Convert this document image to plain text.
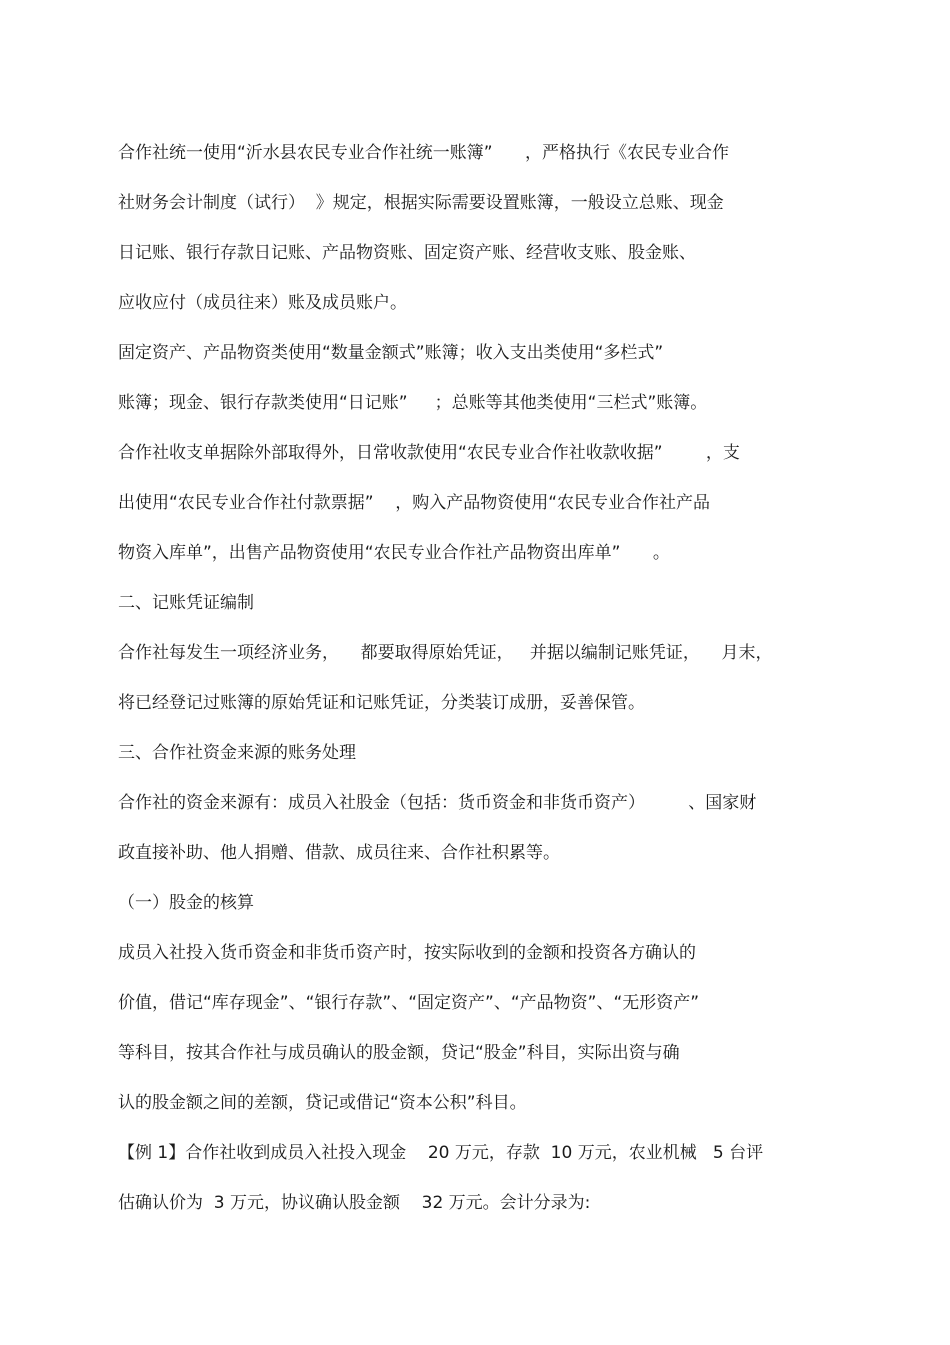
合作社统一使用“沂水县农民专业合作社统一账簿”      ，严格执行《农民专业合作
社财务会计制度（试行）  》规定，根据实际需要设置账簿，一般设立总账、现金
日记账、银行存款日记账、产品物资账、固定资产账、经营收支账、股金账、
应收应付（成员往来）账及成员账户。
固定资产、产品物资类使用“数量金额式”账簿；收入支出类使用“多栏式”
账簿；现金、银行存款类使用“日记账”     ；总账等其他类使用“三栏式”账簿。
合作社收支单据除外部取得外，日常收款使用“农民专业合作社收款收据”        ，支
出使用“农民专业合作社付款票据”    ，购入产品物资使用“农民专业合作社产品
物资入库单”，出售产品物资使用“农民专业合作社产品物资出库单”      。
二、记账凭证编制
合作社每发生一项经济业务，    都要取得原始凭证，   并据以编制记账凭证，    月末，
将已经登记过账簿的原始凭证和记账凭证，分类装订成册，妥善保管。
三、合作社资金来源的账务处理
合作社的资金来源有：成员入社股金（包括：货币资金和非货币资产）        、国家财
政直接补助、他人捐赠、借款、成员往来、合作社积累等。
（一）股金的核算
成员入社投入货币资金和非货币资产时，按实际收到的金额和投资各方确认的
价值，借记“库存现金”、“银行存款”、“固定资产”、“产品物资”、“无形资产”
等科目，按其合作社与成员确认的股金额，贷记“股金”科目，实际出资与确
认的股金额之间的差额，贷记或借记“资本公积”科目。
【例 1】合作社收到成员入社投入现金    20 万元，存款  10 万元，农业机械   5 台评
估确认价为  3 万元，协议确认股金额    32 万元。会计分录为:
